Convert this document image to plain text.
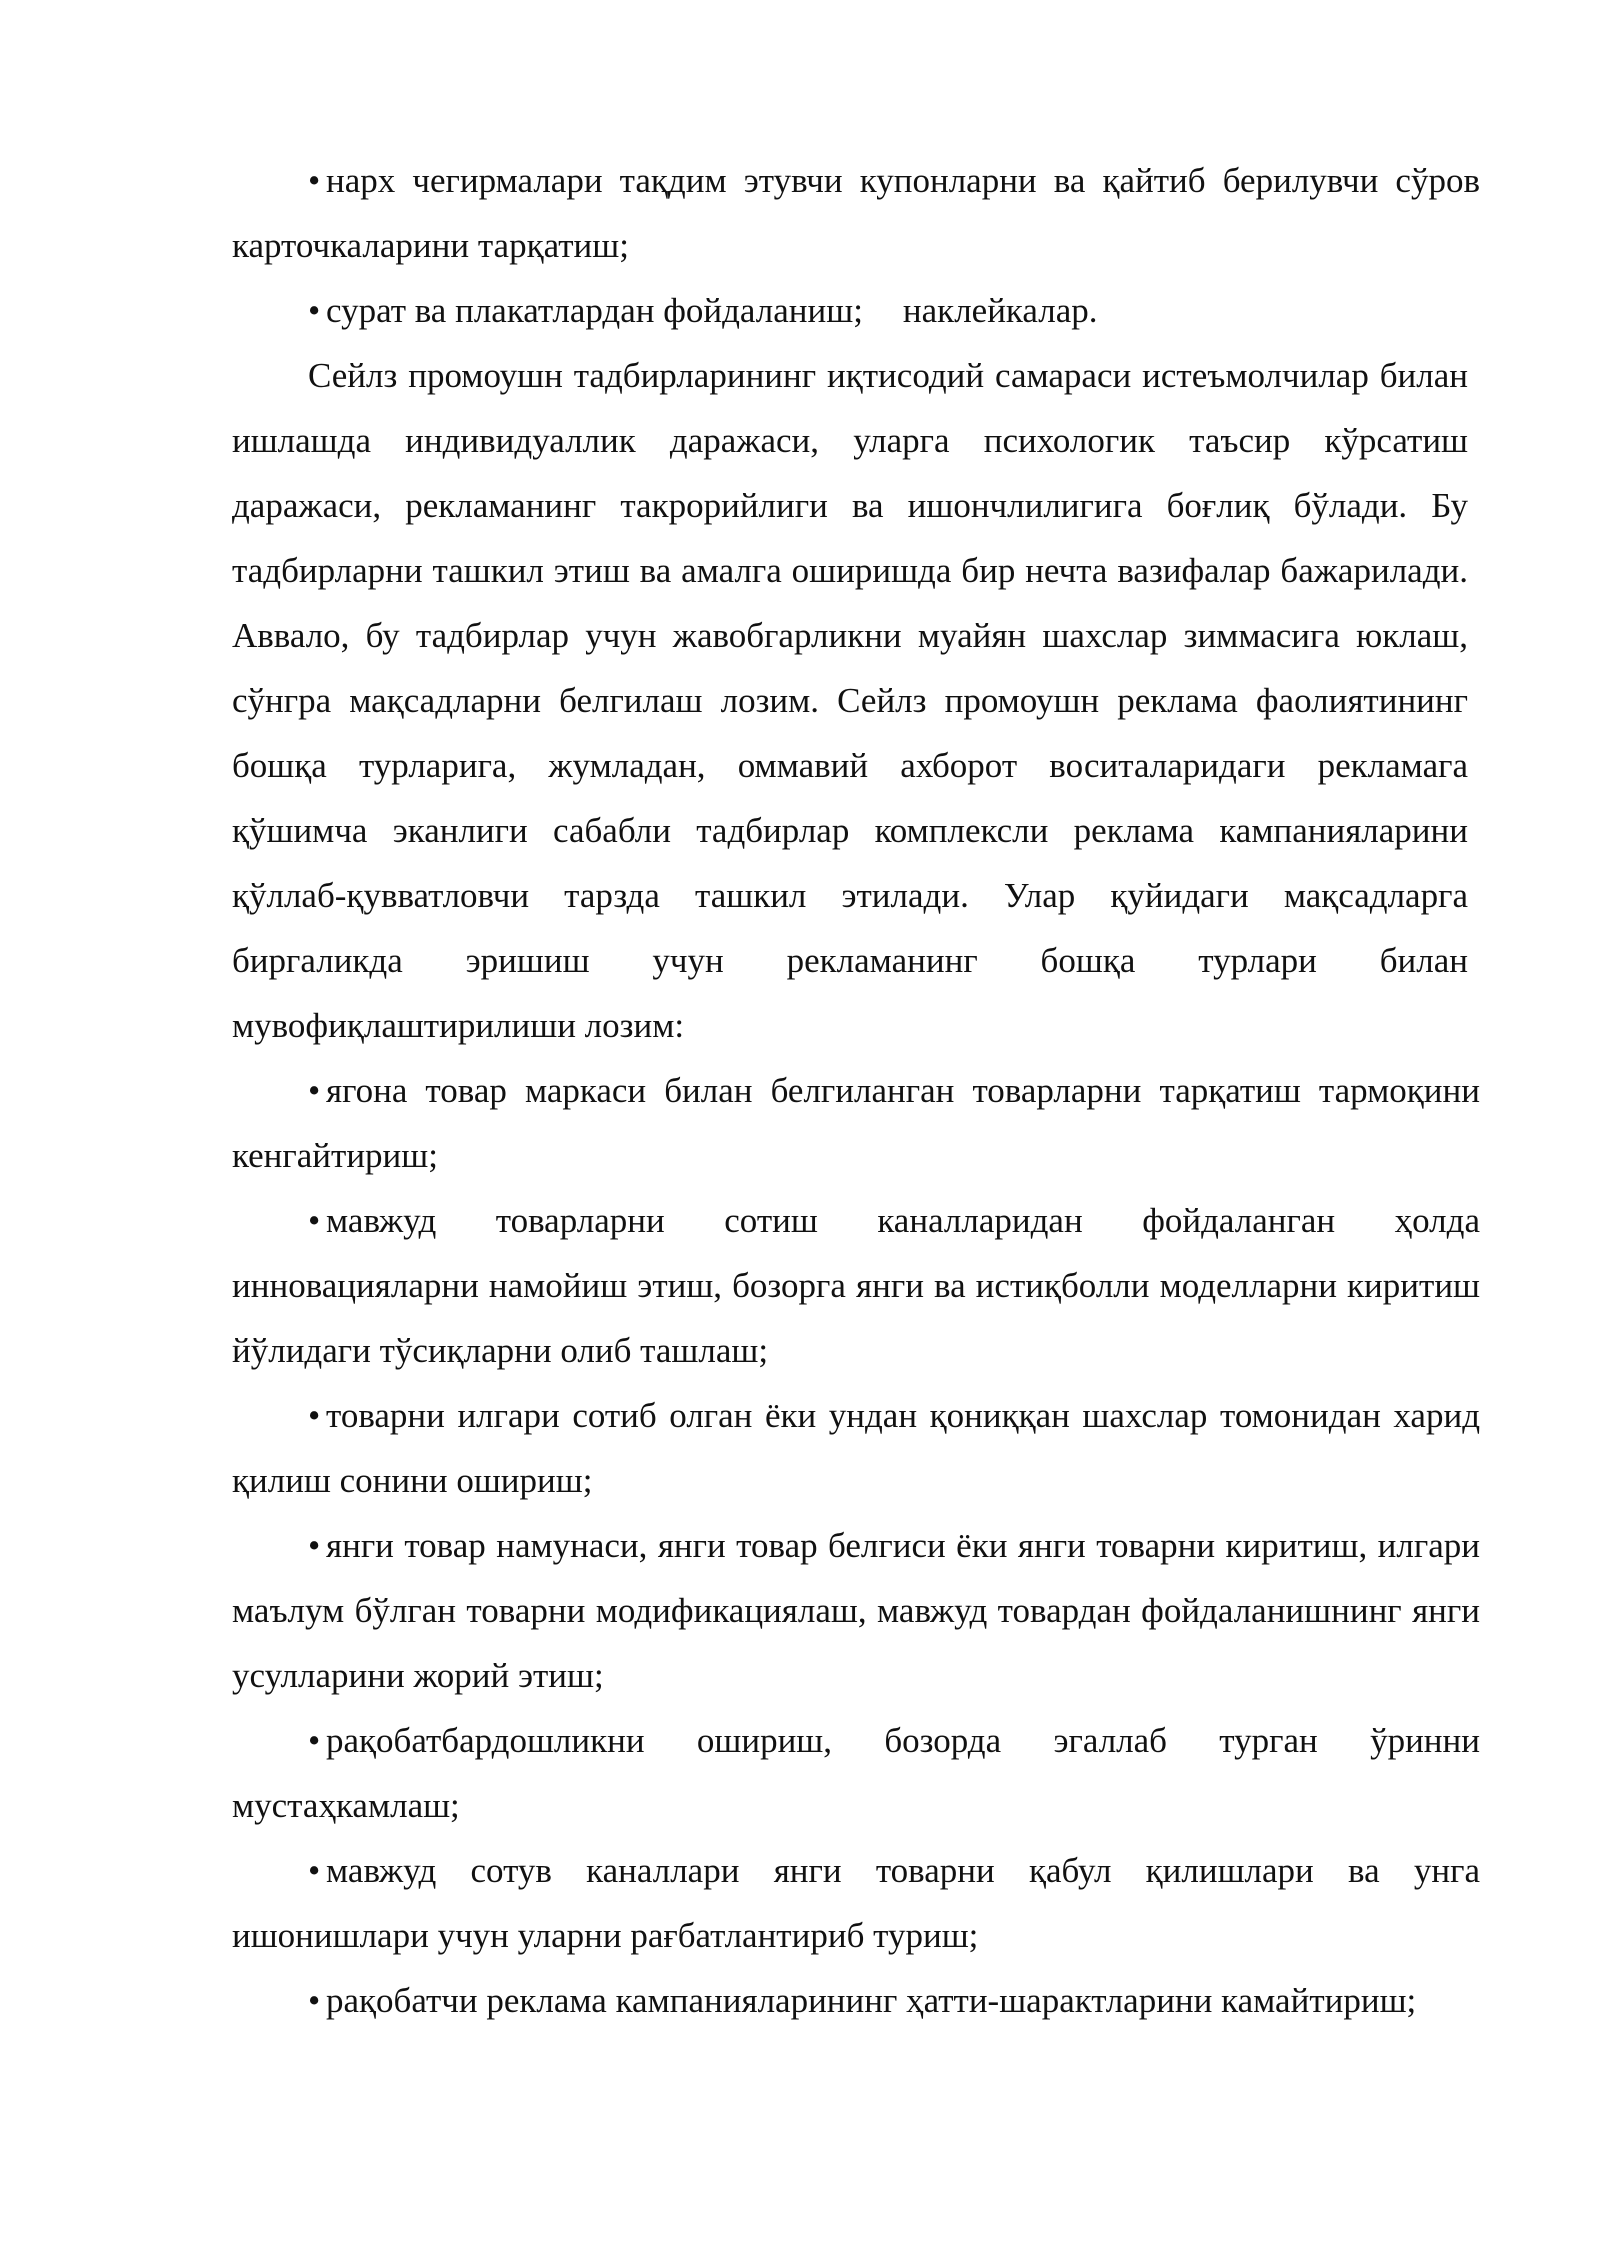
• нарх чегирмалари тақдим этувчи купонларни ва қайтиб берилувчи сўров карточкаларини тарқатиш;

• сурат ва плакатлардан фойдаланиш; наклейкалар.

Сейлз промоушн тадбирларининг иқтисодий самараси истеъмолчилар билан ишлашда индивидуаллик даражаси, уларга психологик таъсир кўрсатиш даражаси, рекламанинг такрорийлиги ва ишончлилигига боғлиқ бўлади. Бу тадбирларни ташкил этиш ва амалга оширишда бир нечта вазифалар бажарилади. Аввало, бу тадбирлар учун жавобгарликни муайян шахслар зиммасига юклаш, сўнгра мақсадларни белгилаш лозим. Сейлз промоушн реклама фаолиятининг бошқа турларига, жумладан, оммавий ахборот воситаларидаги рекламага қўшимча эканлиги сабабли тадбирлар комплексли реклама кампанияларини қўллаб-қувватловчи тарзда ташкил этилади. Улар қуйидаги мақсадларга биргаликда эришиш учун рекламанинг бошқа турлари билан мувофиқлаштирилиши лозим:

• ягона товар маркаси билан белгиланган товарларни тарқатиш тармоқини кенгайтириш;

• мавжуд товарларни сотиш каналларидан фойдаланган ҳолда инновацияларни намойиш этиш, бозорга янги ва истиқболли моделларни киритиш йўлидаги тўсиқларни олиб ташлаш;

• товарни илгари сотиб олган ёки ундан қониққан шахслар томонидан харид қилиш сонини ошириш;

• янги товар намунаси, янги товар белгиси ёки янги товарни киритиш, илгари маълум бўлган товарни модификациялаш, мавжуд товардан фойдаланишнинг янги усулларини жорий этиш;

• рақобатбардошликни ошириш, бозорда эгаллаб турган ўринни мустаҳкамлаш;

• мавжуд сотув каналлари янги товарни қабул қилишлари ва унга ишонишлари учун уларни рағбатлантириб туриш;

• рақобатчи реклама кампанияларининг ҳатти-шарактларини камайтириш;
